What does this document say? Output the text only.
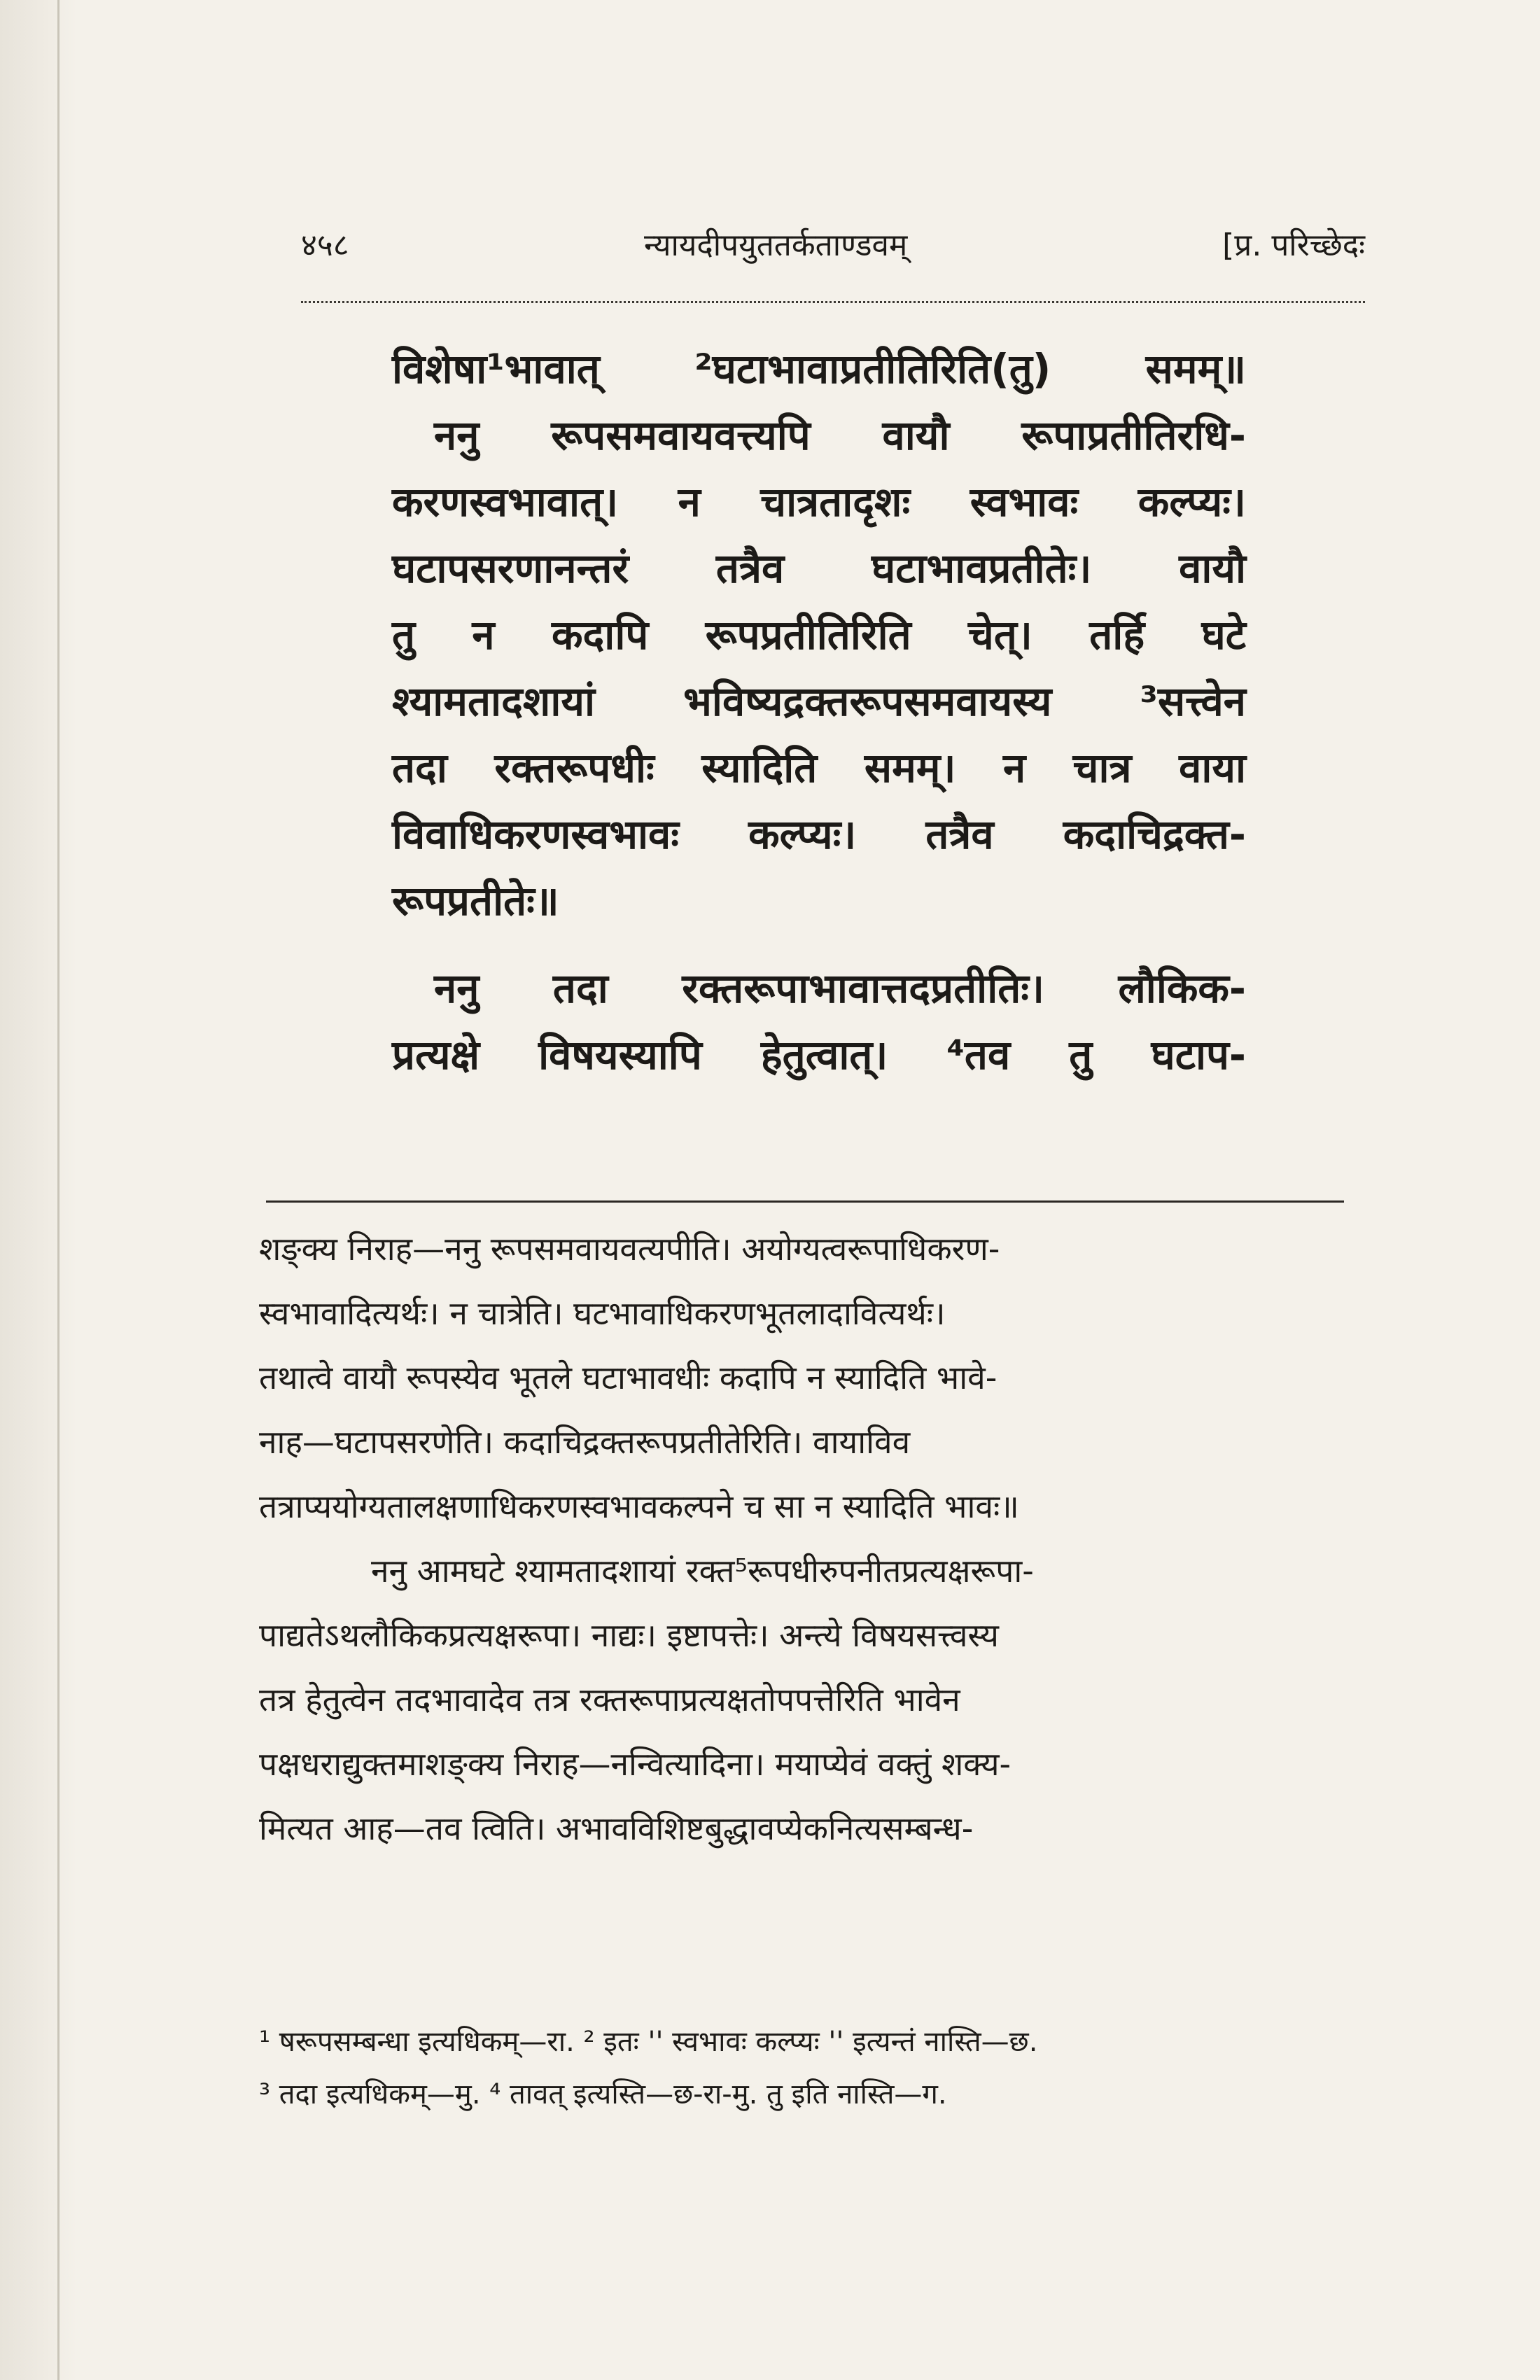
४५८	न्यायदीपयुततर्कताण्डवम्	[प्र. परिच्छेदः

विशेषा¹भावात् ²घटाभावाप्रतीतिरिति(तु) समम्॥

ननु रूपसमवायवत्त्यपि वायौ रूपाप्रतीतिरधि-

करणस्वभावात्। न चात्रतादृशः स्वभावः कल्प्यः।

घटापसरणानन्तरं तत्रैव घटाभावप्रतीतेः। वायौ

तु न कदापि रूपप्रतीतिरिति चेत्। तर्हि घटे

श्यामतादशायां भविष्यद्रक्तरूपसमवायस्य ³सत्त्वेन

तदा रक्तरूपधीः स्यादिति समम्। न चात्र वाया

विवाधिकरणस्वभावः कल्प्यः। तत्रैव कदाचिद्रक्त-

रूपप्रतीतेः॥

ननु तदा रक्तरूपाभावात्तदप्रतीतिः। लौकिक-

प्रत्यक्षे विषयस्यापि हेतुत्वात्। ⁴तव तु घटाप-

शङ्क्य निराह—ननु रूपसमवायवत्यपीति। अयोग्यत्वरूपाधिकरण-

स्वभावादित्यर्थः। न चात्रेति। घटभावाधिकरणभूतलादावित्यर्थः।

तथात्वे वायौ रूपस्येव भूतले घटाभावधीः कदापि न स्यादिति भावे-

नाह—घटापसरणेति। कदाचिद्रक्तरूपप्रतीतेरिति। वायाविव

तत्राप्ययोग्यतालक्षणाधिकरणस्वभावकल्पने च सा न स्यादिति भावः॥

ननु आमघटे श्यामतादशायां रक्त⁵रूपधीरुपनीतप्रत्यक्षरूपा-

पाद्यतेऽथलौकिकप्रत्यक्षरूपा। नाद्यः। इष्टापत्तेः। अन्त्ये विषयसत्त्वस्य

तत्र हेतुत्वेन तदभावादेव तत्र रक्तरूपाप्रत्यक्षतोपपत्तेरिति भावेन

पक्षधराद्युक्तमाशङ्क्य निराह—नन्वित्यादिना। मयाप्येवं वक्तुं शक्य-

मित्यत आह—तव त्विति। अभावविशिष्टबुद्धावप्येकनित्यसम्बन्ध-

¹ षरूपसम्बन्धा इत्यधिकम्—रा. ² इतः '' स्वभावः कल्प्यः '' इत्यन्तं नास्ति—छ.

³ तदा इत्यधिकम्—मु. ⁴ तावत् इत्यस्ति—छ-रा-मु. तु इति नास्ति—ग.
